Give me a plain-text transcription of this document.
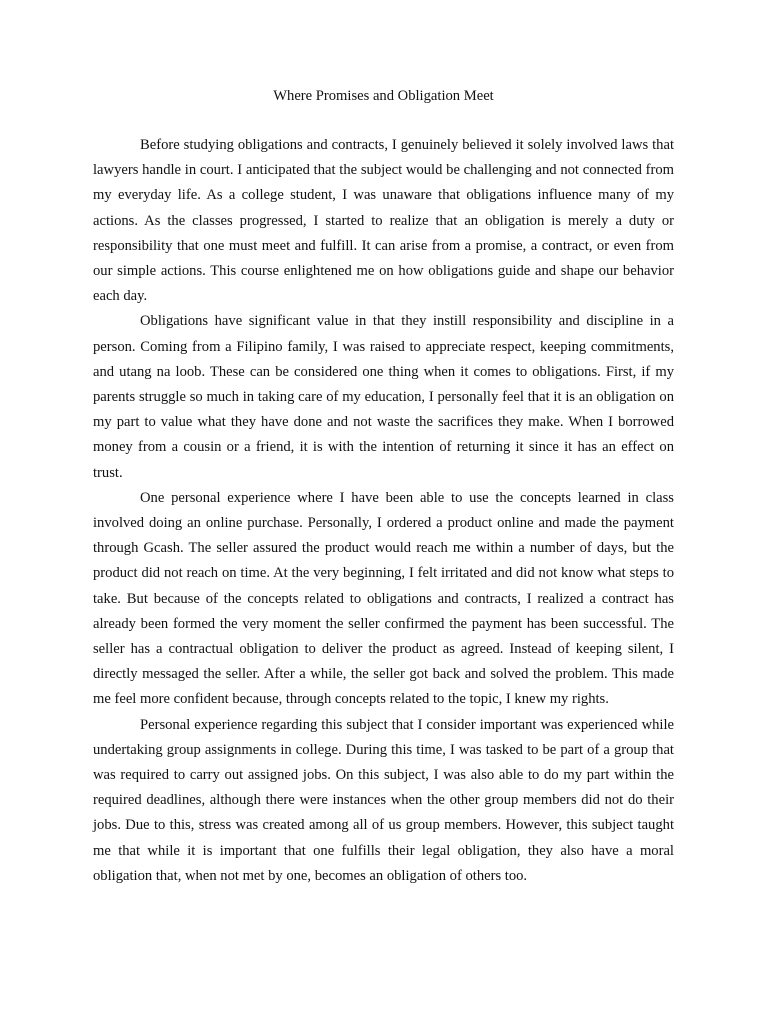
Where Promises and Obligation Meet

Before studying obligations and contracts, I genuinely believed it solely involved laws that lawyers handle in court. I anticipated that the subject would be challenging and not connected from my everyday life. As a college student, I was unaware that obligations influence many of my actions. As the classes progressed, I started to realize that an obligation is merely a duty or responsibility that one must meet and fulfill. It can arise from a promise, a contract, or even from our simple actions. This course enlightened me on how obligations guide and shape our behavior each day.

Obligations have significant value in that they instill responsibility and discipline in a person. Coming from a Filipino family, I was raised to appreciate respect, keeping commitments, and utang na loob. These can be considered one thing when it comes to obligations. First, if my parents struggle so much in taking care of my education, I personally feel that it is an obligation on my part to value what they have done and not waste the sacrifices they make. When I borrowed money from a cousin or a friend, it is with the intention of returning it since it has an effect on trust.

One personal experience where I have been able to use the concepts learned in class involved doing an online purchase. Personally, I ordered a product online and made the payment through Gcash. The seller assured the product would reach me within a number of days, but the product did not reach on time. At the very beginning, I felt irritated and did not know what steps to take. But because of the concepts related to obligations and contracts, I realized a contract has already been formed the very moment the seller confirmed the payment has been successful. The seller has a contractual obligation to deliver the product as agreed. Instead of keeping silent, I directly messaged the seller. After a while, the seller got back and solved the problem. This made me feel more confident because, through concepts related to the topic, I knew my rights.

Personal experience regarding this subject that I consider important was experienced while undertaking group assignments in college. During this time, I was tasked to be part of a group that was required to carry out assigned jobs. On this subject, I was also able to do my part within the required deadlines, although there were instances when the other group members did not do their jobs. Due to this, stress was created among all of us group members. However, this subject taught me that while it is important that one fulfills their legal obligation, they also have a moral obligation that, when not met by one, becomes an obligation of others too.
